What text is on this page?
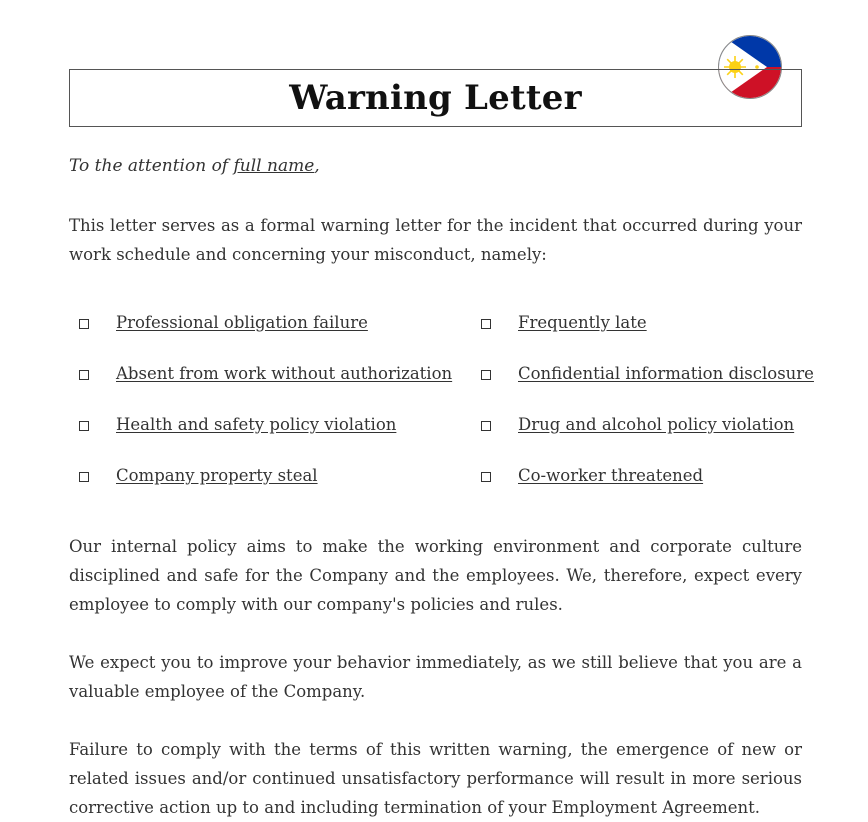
Warning Letter
To the attention of full name,

This letter serves as a formal warning letter for the incident that occurred during your work schedule and concerning your misconduct, namely:

Professional obligation failure	Frequently late
Absent from work without authorization	Confidential information disclosure
Health and safety policy violation	Drug and alcohol policy violation
Company property steal	Co-worker threatened

Our internal policy aims to make the working environment and corporate culture disciplined and safe for the Company and the employees. We, therefore, expect every employee to comply with our company's policies and rules.

We expect you to improve your behavior immediately, as we still believe that you are a valuable employee of the Company.

Failure to comply with the terms of this written warning, the emergence of new or related issues and/or continued unsatisfactory performance will result in more serious corrective action up to and including termination of your Employment Agreement.
